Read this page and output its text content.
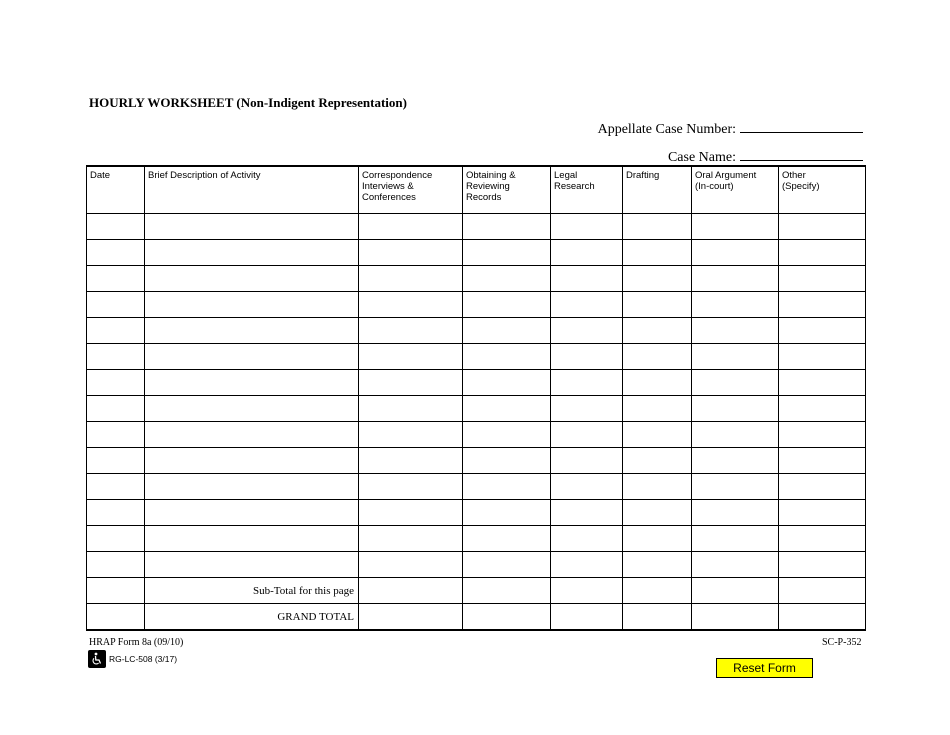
HOURLY WORKSHEET (Non-Indigent Representation)
Appellate Case Number:
Case Name:
Date	Brief Description of Activity	Correspondence
Interviews &
Conferences	Obtaining &
Reviewing
Records	Legal
Research	Drafting	Oral Argument
(In-court)	Other
(Specify)

	Sub-Total for this page						
	GRAND TOTAL						
HRAP Form 8a (09/10)	SC-P-352
RG-LC-508 (3/17)
Reset Form
